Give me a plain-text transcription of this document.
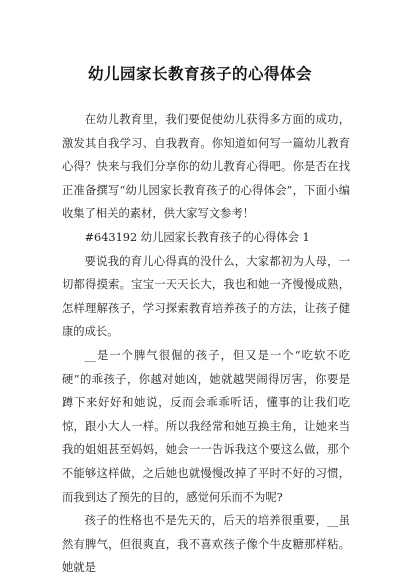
幼儿园家长教育孩子的心得体会

在幼儿教育里，我们要促使幼儿获得多方面的成功，激发其自我学习、自我教育。你知道如何写一篇幼儿教育心得？快来与我们分享你的幼儿教育心得吧。你是否在找正准备撰写“幼儿园家长教育孩子的心得体会”，下面小编收集了相关的素材，供大家写文参考！

#643192 幼儿园家长教育孩子的心得体会 1

要说我的育儿心得真的没什么，大家都初为人母，一切都得摸索。宝宝一天天长大，我也和她一齐慢慢成熟，怎样理解孩子，学习探索教育培养孩子的方法，让孩子健康的成长。

__是一个脾气很倔的孩子，但又是一个“吃软不吃硬”的乖孩子，你越对她凶，她就越哭闹得厉害，你要是蹲下来好好和她说，反而会乖乖听话，懂事的让我们吃惊，跟小大人一样。所以我经常和她互换主角，让她来当我的姐姐甚至妈妈，她会一一告诉我这个要这么做，那个不能够这样做，之后她也就慢慢改掉了平时不好的习惯，而我到达了预先的目的，感觉何乐而不为呢?

孩子的性格也不是先天的，后天的培养很重要，__虽然有脾气，但很爽直，我不喜欢孩子像个牛皮糖那样粘。她就是
